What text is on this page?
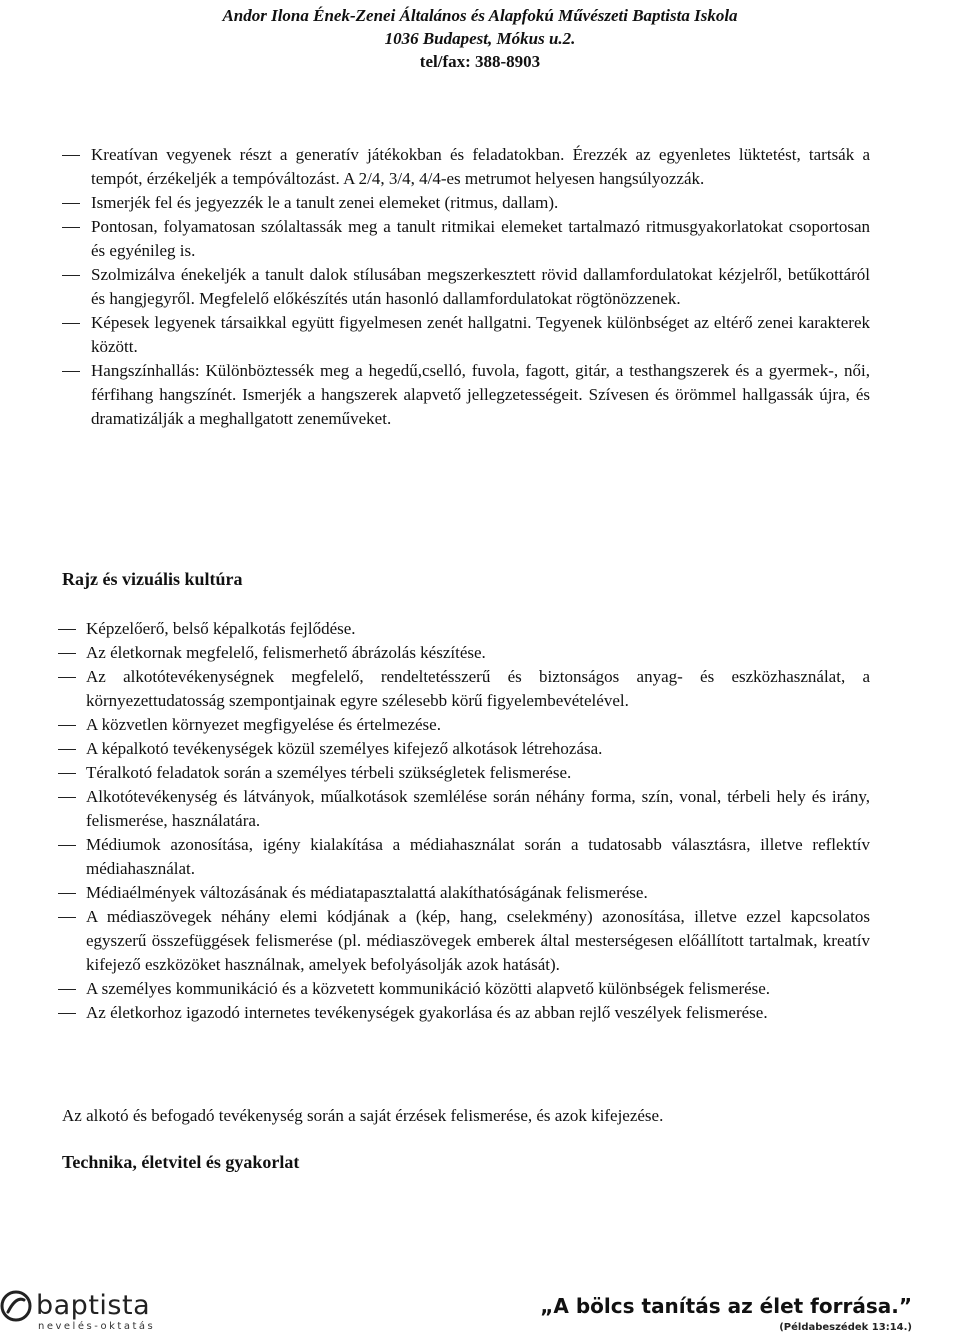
Andor Ilona Ének-Zenei Általános és Alapfokú Művészeti Baptista Iskola
1036 Budapest, Mókus u.2.
tel/fax: 388-8903
Kreatívan vegyenek részt a generatív játékokban és feladatokban. Érezzék az egyenletes lüktetést, tartsák a tempót, érzékeljék a tempóváltozást. A 2/4, 3/4, 4/4-es metrumot helyesen hangsúlyozzák.
Ismerjék fel és jegyezzék le a tanult zenei elemeket (ritmus, dallam).
Pontosan, folyamatosan szólaltassák meg a tanult ritmikai elemeket tartalmazó ritmusgyakorlatokat csoportosan és egyénileg is.
Szolmizálva énekeljék a tanult dalok stílusában megszerkesztett rövid dallamfordulatokat kézjelről, betűkottáról és hangjegyről. Megfelelő előkészítés után hasonló dallamfordulatokat rögtönözzenek.
Képesek legyenek társaikkal együtt figyelmesen zenét hallgatni. Tegyenek különbséget az eltérő zenei karakterek között.
Hangszínhallás: Különböztessék meg a hegedű,cselló, fuvola, fagott, gitár, a testhangszerek és a gyermek-, női, férfihang hangszínét. Ismerjék a hangszerek alapvető jellegzetességeit. Szívesen és örömmel hallgassák újra, és dramatizálják a meghallgatott zeneműveket.
Rajz és vizuális kultúra
Képzelőerő, belső képalkotás fejlődése.
Az életkornak megfelelő, felismerhető ábrázolás készítése.
Az alkotótevékenységnek megfelelő, rendeltetésszerű és biztonságos anyag- és eszközhasználat, a környezettudatosság szempontjainak egyre szélesebb körű figyelembevételével.
A közvetlen környezet megfigyelése és értelmezése.
A képalkotó tevékenységek közül személyes kifejező alkotások létrehozása.
Téralkotó feladatok során a személyes térbeli szükségletek felismerése.
Alkotótevékenység és látványok, műalkotások szemlélése során néhány forma, szín, vonal, térbeli hely és irány, felismerése, használatára.
Médiumok azonosítása, igény kialakítása a médiahasználat során a tudatosabb választásra, illetve reflektív médiahasználat.
Médiaélmények változásának és médiatapasztalattá alakíthatóságának felismerése.
A médiaszövegek néhány elemi kódjának a (kép, hang, cselekmény) azonosítása, illetve ezzel kapcsolatos egyszerű összefüggések felismerése (pl. médiaszövegek emberek által mesterségesen előállított tartalmak, kreatív kifejező eszközöket használnak, amelyek befolyásolják azok hatását).
A személyes kommunikáció és a közvetett kommunikáció közötti alapvető különbségek felismerése.
Az életkorhoz igazodó internetes tevékenységek gyakorlása és az abban rejlő veszélyek felismerése.
Az alkotó és befogadó tevékenység során a saját érzések felismerése, és azok kifejezése.
Technika, életvitel és gyakorlat
baptista
nevelés-oktatás
„A bölcs tanítás az élet forrása.”
(Példabeszédek 13:14.)
